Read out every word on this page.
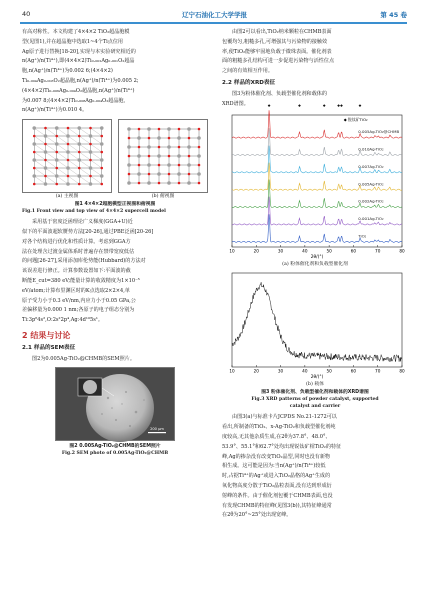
40	辽宁石油化工大学学报	第 45 卷
有高对称性。本文构建了4×4×2 TiO₂超晶胞模
型(见图1),并在超晶胞中选取1~4个Ti点位用
Ag原子进行替换[18-20],实现与本实验研究相近的
n(Ag⁺)/n(Ti⁴⁺),即(4×4×2)Ti₀.₀₀₂Ag₀.₀₀₁O₂超晶
胞,n(Ag⁺)/n(Ti⁴⁺)为0.002 6;(4×4×2)
Ti₀.₀₀₄Ag₀.₀₀₃O₂超晶胞,n(Ag⁺)/n(Ti⁴⁺)为0.005 2;
(4×4×2)Ti₀.₀₀₆Ag₀.₀₀₄O₂超晶胞,n(Ag⁺)/n(Ti⁴⁺)
为0.007 8;(4×4×2)Ti₀.₀₀₈Ag₀.₀₀₄O₂超晶胞,
n(Ag⁺)/n(Ti⁴⁺)为0.010 4。
(a) 主视图	(b) 俯视图
图1 4×4×2超胞模型正视图和俯视图
Fig.1 Front view and top view of 4×4×2 supercell model
采用基于密度泛函理论广义梯度(GGA+U)近
似下的平面波超软赝势方法[20-26],通过PBE泛函[20-26]
对各个结构进行优化和性质计算。考虑到GGA方
法在处理含过渡金属体系时普遍存在禁带宽度低估
的问题[26-27],采用添加库伦势能(Hubbard)的方法对
该误差进行修正。计算参数设置如下:平面波的截
断能E_cut=380 eV;能量计算的收敛精度为1×10⁻⁵
eV/atom;计算布里渊区时的K点选取2×2×4,单
原子受力小于0.3 eV/nm,内应力小于0.05 GPa,公
差偏移量为0.000 1 nm;各原子的电子组态分别为
Ti:3p⁶4s²,O:2s²2p⁴,Ag:4d¹⁰5s¹。
2 结果与讨论
2.1 样品的SEM表征

图2为0.005Ag-TiO₂@CHMB的SEM照片。

200 μm
图2 0.005Ag-TiO₂@CHMB的SEM照片
Fig.2 SEM photo of 0.005Ag-TiO₂@CHMB
由图2可以看出,TiO₂纳米颗粒在CHMB表面
包覆均匀,粗糙多孔,可增强其与污染物的接触效
率,使TiO₂能够牢固地负载于微珠表面。催化剂表
面的粗糙多孔结构可进一步促进污染物与活性位点
之间的有效相互作用。
2.2 样品的XRD表征
图3为粉体催化剂、负载型催化剂和载体的
XRD谱图。
10	20	30	40	50	60	70	80
2θ/(°)
0.005Ag-TiO₂@CHMB
0.010Ag-TiO₂
0.007Ag-TiO₂
0.005Ag-TiO₂
0.002Ag-TiO₂
0.001Ag-TiO₂
TiO₂
◆ 锐钛矿TiO₂
◆	◆	◆	◆ ◆	◆
(a) 粉体催化剂和负载型催化剂
10	20	30	40	50	60	70	80
2θ/(°)
(b) 载体
图3 粉体催化剂、负载型催化剂和载体的XRD谱图
Fig.3 XRD patterns of powder catalyst, supported
catalyst and carrier
由图3(a)与标准卡片JCPDS No.21-1272可以
看出,所制备的TiO₂、x-Ag-TiO₂和负载型催化剂纯
度较高,无其他杂质生成,在2θ为37.8°、48.0°、
53.9°、55.1°和62.7°处均出现锐钛矿相TiO₂的特征
峰,Ag的掺杂没有改变TiO₂晶型,同时也没有新物
相生成。这可能是因为:当n(Ag⁺)/n(Ti⁴⁺)较低
时,占据Ti⁴⁺的Ag⁺或进入TiO₂晶格的Ag⁺生成的
氧化物高度分散于TiO₂晶粒表面,没有达到形成衍
射峰的条件。由于催化剂包覆于CHMB表面,也没
有发现CHMB的特征峰(见图3(b)),其特征峰通常
在2θ为20°~25°处出现宽峰。
